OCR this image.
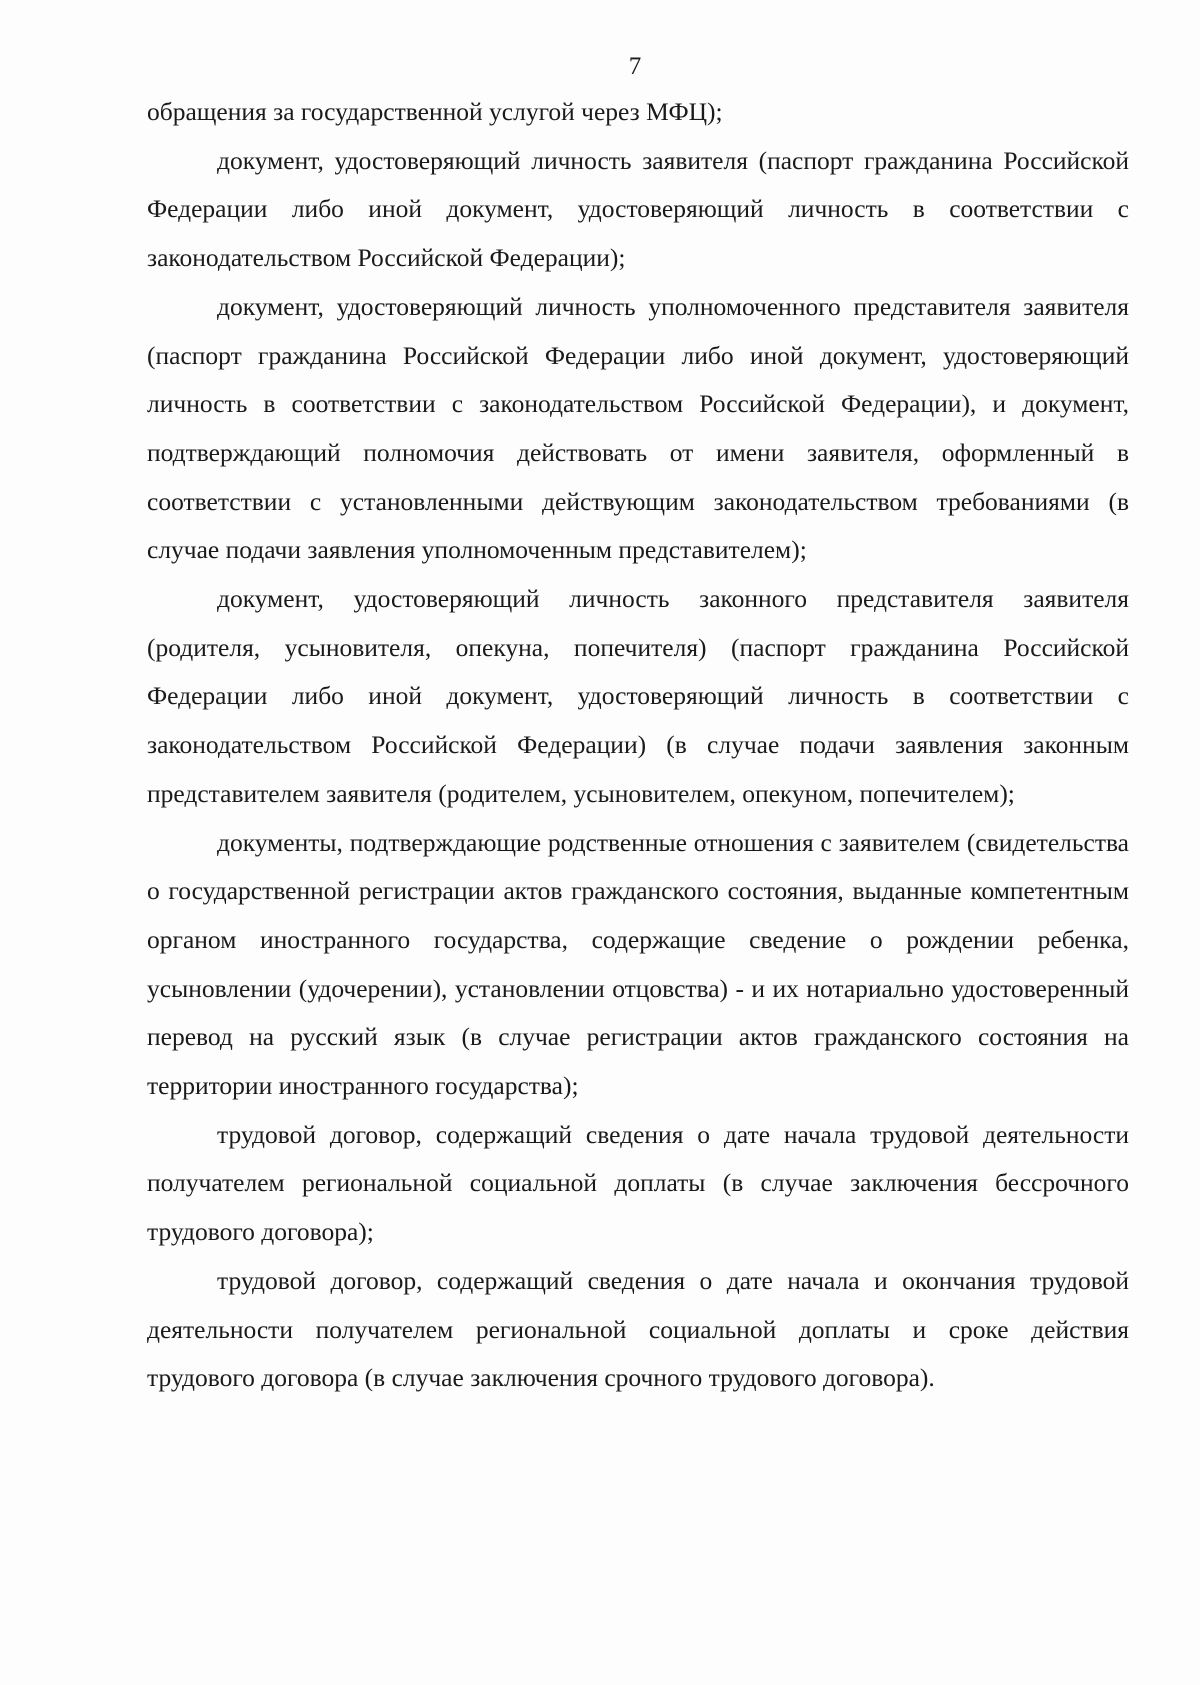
7

обращения за государственной услугой через МФЦ);

документ, удостоверяющий личность заявителя (паспорт гражданина Российской Федерации либо иной документ, удостоверяющий личность в соответствии с законодательством Российской Федерации);

документ, удостоверяющий личность уполномоченного представителя заявителя (паспорт гражданина Российской Федерации либо иной документ, удостоверяющий личность в соответствии с законодательством Российской Федерации), и документ, подтверждающий полномочия действовать от имени заявителя, оформленный в соответствии с установленными действующим законодательством требованиями (в случае подачи заявления уполномоченным представителем);

документ, удостоверяющий личность законного представителя заявителя (родителя, усыновителя, опекуна, попечителя) (паспорт гражданина Российской Федерации либо иной документ, удостоверяющий личность в соответствии с законодательством Российской Федерации) (в случае подачи заявления законным представителем заявителя (родителем, усыновителем, опекуном, попечителем);

документы, подтверждающие родственные отношения с заявителем (свидетельства о государственной регистрации актов гражданского состояния, выданные компетентным органом иностранного государства, содержащие сведение о рождении ребенка, усыновлении (удочерении), установлении отцовства) - и их нотариально удостоверенный перевод на русский язык (в случае регистрации актов гражданского состояния на территории иностранного государства);

трудовой договор, содержащий сведения о дате начала трудовой деятельности получателем региональной социальной доплаты (в случае заключения бессрочного трудового договора);

трудовой договор, содержащий сведения о дате начала и окончания трудовой деятельности получателем региональной социальной доплаты и сроке действия трудового договора (в случае заключения срочного трудового договора).
